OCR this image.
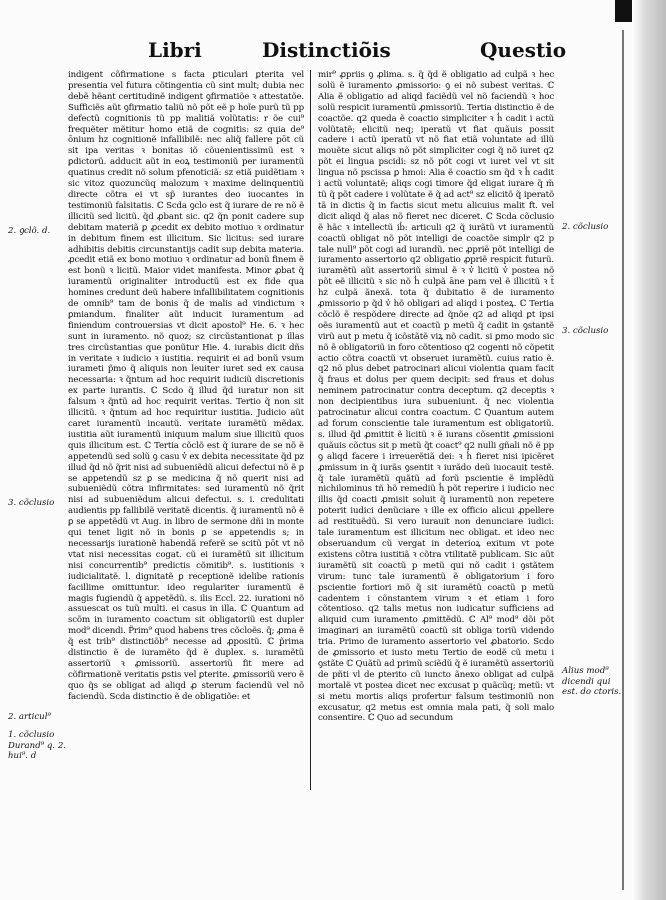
Libri	Distinctiõis	Questio

indigent cõfirmatione s facta ꝑticulari ꝑterita vel presentia vel futura cõtingentia cũ sint mult; dubia nec debẽ hẽant certitudinẽ indigent ꝯfirmatiõe ꝛ attestatõe. Sufficiẽs aũt ꝯfirmatio taliũ nõ põt eẽ p hoĩe purũ tũ pp defectũ cognitionis tũ pp malitiã volũtatis: r õe cui⁹ frequẽter mẽtitur homo etiã de cognitis: sz quia de⁹ ōnium hz cognitionẽ infallibilẽ: nec aliq̃ fallere pōt cũ sit ipa veritas ꝛ bonitas iõ cõuenientissimũ est ꝛ ꝑdictorũ. adducit aũt in eoꝝ testimoniũ per iuramentũ quatinus credit nõ solum pfenoticiã: sz etiã puidẽtiam ꝛ sic vitoz quozuncũq malozum ꝛ maxime delinquentiũ directe cõtra ei vt sp̃ iurantes deo iuocantes in testimoniũ falsitatis. ℂ Scda ꝯclo est q̃ iurare de re nõ ẽ illicitũ sed licitũ. q̃d ꝓbant sic. q2 q̃n ponit cadere sup debitam materiã ꝑ ꝓcedit ex debito motiuo ꝛ ordinatur in debitum finem est illicitum. Sic licitus: sed iurare adhibitis debitis circunstantijs cadit sup debita materia. ꝓcedit etiã ex bono motiuo ꝛ ordinatur ad bonũ finem ẽ est bonũ ꝛ licitũ. Maior videt manifesta. Minor ꝓbat q̃ iuramentũ originaliter introductũ est ex fide qua homines credunt deũ habere infallibilitatem cognitionis de omnib⁹ tam de bonis q̃ de malis ad vindictum ꝛ ꝑmiandum. finaliter aũt inducit iuramentum ad finiendum controuersias vt dicit apostol⁹ He. 6. ꝛ hec sunt in iuramento. nõ quoz; sz circũstantionat p illas tres circũstantias que ponũtur Hie. 4. iurabis dicit dñs in veritate ꝛ iudicio ꝛ iustitia. requirit ei ad bonũ vsum iurameti p̃mo q̃ aliquis non leuiter iuret sed ex causa necessaria: ꝛ q̃ntum ad hoc requirit iudiciũ discretionis ex parte iurantis. ℂ Scdo q̃ illud q̃d iuratur non sit falsum ꝛ q̃ntũ ad hoc requirit veritas. Tertio q̃ non sit illicitũ. ꝛ q̃ntum ad hoc requiritur iustitia. Judicio aũt caret iuramentũ incautũ. veritate iuramẽtũ mẽdax. iustitia aũt iuramentũ iniquum malum siue illicitũ quos quis illicitum est. ℂ Tertia cõclõ est q̃ iurare de se nõ ẽ appetendũ sed solũ ꝯ casu v̓ ex debita necessitate q̃d pz illud q̃d nõ q̃rit nisi ad subueniẽdũ alicui defectui nõ ẽ ꝑ se appetendũ sz ꝑ se medicina q̃ nõ querit nisi ad subueniẽdũ cõtra infirmitates: sed iuramentũ nõ q̃rit nisi ad subueniẽdum alicui defectui. s. i. credulitati audientis pp fallibilẽ veritatẽ dicentis. q̃ iuramentũ nõ ẽ ꝑ se appetẽdũ vt Aug. in libro de sermone dñi in monte qui tenet ligit nõ in bonis ꝑ se appetendis s; in necessarijs iurationẽ habendã referẽ se scitũ pōt vt nõ vtat nisi necessitas cogat. cũ ei iuramẽtũ sit illicitum nisi concurrentib⁹ predictis cõmitib⁹. s. iustitionis ꝛ iudicialitatẽ. l. dignitatẽ ꝑ receptionẽ idelibe rationis facillime omittuntur. ideo regulariter iuramentũ ẽ magis fugiendũ q̃ appetẽdũ. s. ilis Eccl. 22. iurationi nõ assuescat os tuũ multi. ei casus in illa. ℂ Quantum ad scõm in iuramento coactum sit obligatoriũ est dupler mod⁹ dicendi. P̃rim⁹ quod habens tres cõcloẽs. q̃; ꝓma ẽ q̃ est trib⁹ distinctiõb⁹ necesse ad ꝓpositũ. ℂ p̃rima distinctio ẽ de iuramẽto q̃d ẽ duplex. s. iuramẽtũ assertoriũ ꝛ ꝓmissoriũ. assertoriũ fit mere ad cõfirmationẽ veritatis ꝑstis vel ꝑterite. ꝓmissoriũ vero ẽ quo q̃s se obligat ad aliqd ꝓ sterum faciendũ vel nõ faciendũ. Scda distinctio ẽ de obligatiõe: et

mir⁹ ꝓpriis ꝯ ꝓlima. s. q̃ q̃d ẽ obligatio ad culpã ꝛ hec solũ ẽ iuramento ꝓmissorio: ꝯ ei nõ subest veritas. ℂ Alia ẽ obligatio ad aliqd faciẽdũ vel nõ faciendũ ꝛ hoc solũ respicit iuramentũ ꝓmissoriũ. Tertia distinctio ẽ de coactõe. q2 queda ẽ coactio simpliciter ꝛ h̓ cadit i actũ volũtatẽ; elicitũ neq; iperatũ vt fiat quãuis possit cadere i actũ iperatũ vt nõ fiat etiã voluntate ad illũ mouẽte sicut aliqs nõ põt simpliciter cogi q̃ nõ iuret q2 põt ei lingua pscidi: sz nõ põt cogi vt iuret vel vt sit lingua nõ pscissa ꝑ hmoi: Alia ẽ coactio sm q̃d ꝛ h̓ cadit i actũ voluntatẽ; aliqs cogi timore q̃d eligat iurare q̃ m̃ tũ q̃ põt cadere i volũtate ẽ q̃ ad act⁹ sz elicitõ q̃ iperatõ tã in dictis q̃ in factis sicut metu alicuius malit ft. vel dicit aliqd q̃ alas nõ fieret nec diceret. ℂ Scda cõclusio ẽ hãc ꝛ intellectũ ib̓: articuli q2 q̃ iurãtũ vt iuramentũ coactũ obligat nõ põt intelligi de coactõe simplr q2 p tale null⁹ põt cogi ad iurandũ. nec ꝓpriẽ põt intelligi de iuramento assertorio q2 obligatio ꝓpriẽ respicit futurũ. iuramẽtũ aũt assertoriũ simul ẽ ꝛ v̓ licitũ v̓ postea nõ põt eẽ illicitũ ꝛ sic nõ h̓ culpã āne pam vel ẽ illicitũ ꝛ t̃ hz culpã ãnexã. tota q̃ dubitatio ẽ de iuramento ꝓmissorio p q̃d v̓ hõ obligari ad aliqd i posteꝝ. ℂ Tertia cõclõ ẽ respõdere directe ad q̃nõe q2 ad aliqd ꝑt ipsi oẽs iuramentũ aut et coactũ p metũ q̃ cadit in ꝯstantẽ virũ aut p metu q̃ icõstãtẽ viꝝ nõ cadit. si ꝑmo modo sic nõ ẽ obligatoriũ in foro cõtentioso q2 cogenti nõ cõpetit actio cõtra coactũ vt obseruet iuramẽtũ. cuius ratio ẽ. q2 nõ plus debet patrocinari alicui violentia quam facit q̃ fraus et dolus per quem decipit: sed fraus et dolus neminem patrocinatur contra deceptum. q2 deceptis ꝛ non decipientibus iura subueniunt. q̃ nec violentia patrocinatur alicui contra coactum. ℂ Quantum autem ad forum conscientie tale iuramentum est obligatoriũ. s. illud q̃d ꝓmittit ẽ licitũ ꝛ ẽ iurans cõsentit ꝓmissioni quãuis cõctus sit p metũ q̃t coact⁹ q2 nulli gñali nõ ẽ pp ꝯ aliqd facere i irreuerẽtiã dei: ꝛ h̓ fieret nisi ipicẽret ꝓmissum in q̃ iurãs ꝯsentit ꝛ iurãdo deũ iuocauit testẽ. q̃ tale iuramẽtũ quãtũ ad forũ pscientie ẽ implẽdũ nichilominus tñ hõ remediũ h̓ põt reperire i iudicio nec illis q̃d coacti ꝓmisit soluit q̃ iuramentũ non repetere poterit iudici denũciare ꝛ ille ex officio alicui ꝓpellere ad restituẽdũ. Si vero iurauit non denunciare iudici: tale iuramentum est illicitum nec obligat. et ideo nec obseruandum cũ vergat in deterioꝝ exitum vt pote existens cõtra iustitiã ꝛ cõtra vtilitatẽ publicam. Sic aũt iuramẽtũ sit coactũ p metũ qui nõ cadit i ꝯstãtem virum: tunc tale iuramentũ ẽ obligatorium i foro pscientie fortiori mõ q̃ sit iuramẽtũ coactũ p metũ cadentem i cõnstantem virum ꝛ et etiam i foro cõtentioso. q2 talis metus non iudicatur sufficiens ad aliquid cum iuramento ꝓmittẽdũ. ℂ Al⁹ mod⁹ dõi põt imaginari an iuramẽtũ coactũ sit obliga toriũ videndo tria. Primo de iuramento assertorio vel ꝓbatorio. Scdo de ꝓmissorio et iusto metu Tertio de eodẽ cũ metu i ꝯstãte ℂ Quãtũ ad primũ sciẽdũ q̃ ẽ iuramẽtũ assertoriũ de pñti vl de ꝑterito cũ iuncto ãnexo obligat ad culpã mortalẽ vt postea dicet nec excusat p quãcũq; metũ: vt si metu mortis aliqs profertur falsum testimoniũ non excusatur, q2 metus est omnia mala pati, q̃ soli malo consentire. ℂ Quo ad secundum

2. ꝯclõ. d.
3. cõclusio
2. articul⁹
1. cõclusio Durand⁹ q. 2. hui⁹. d
2. cõclusio
3. cõclusio
Alius mod⁹ dicendi qui est. do ctoris.
